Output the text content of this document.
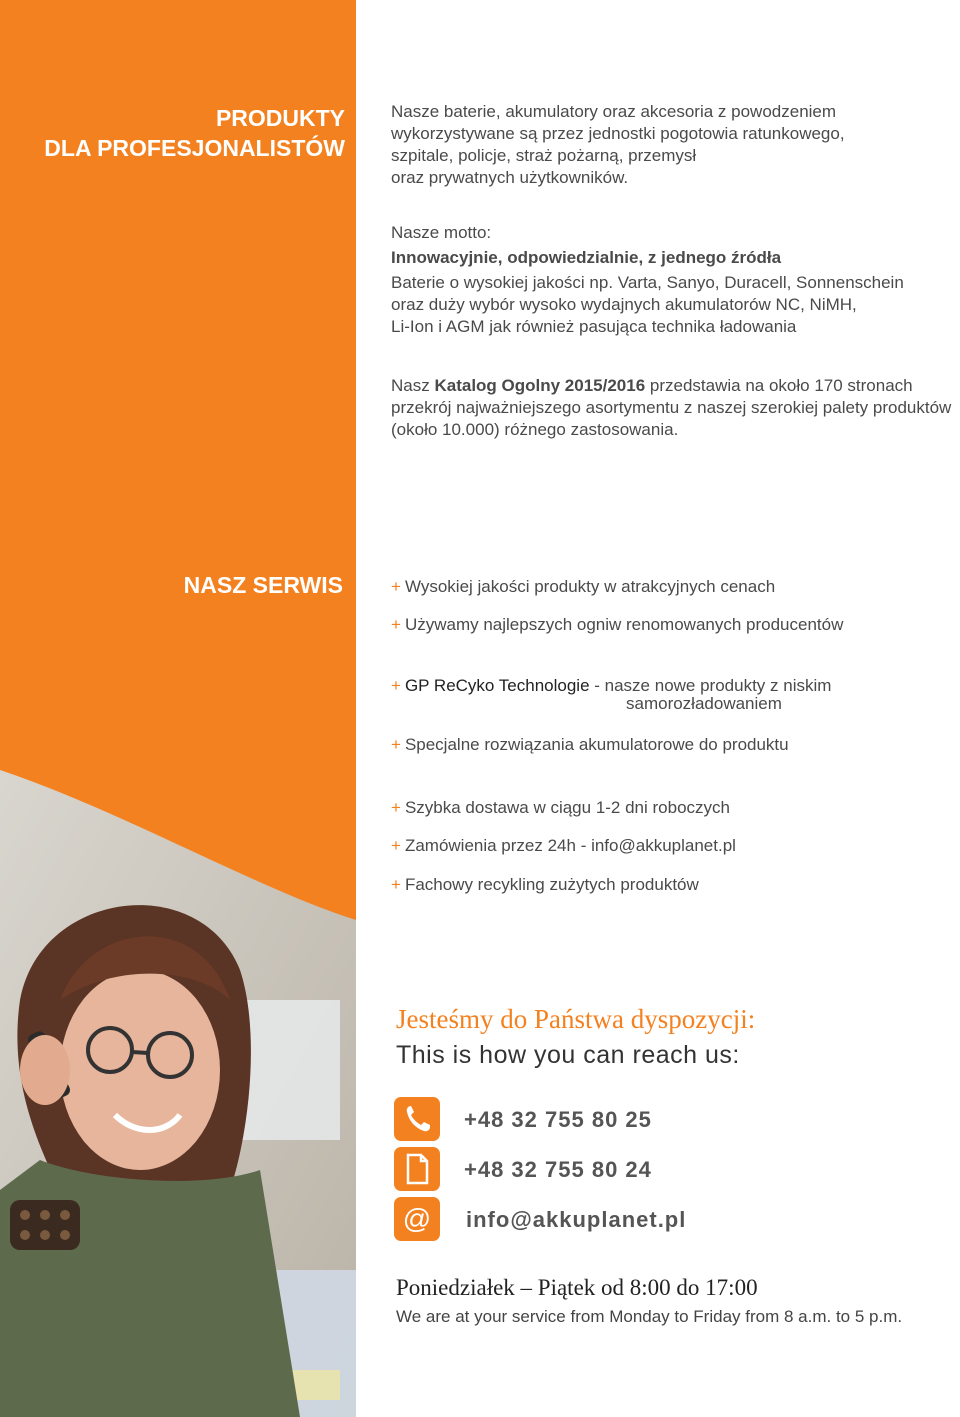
PRODUKTY
DLA PROFESJONALISTÓW
Nasze baterie, akumulatory oraz akcesoria z powodzeniem
wykorzystywane są przez jednostki pogotowia ratunkowego,
szpitale, policje, straż pożarną, przemysł
oraz prywatnych użytkowników.
Nasze motto:
Innowacyjnie, odpowiedzialnie, z jednego źródła
Baterie o wysokiej jakości np. Varta, Sanyo, Duracell, Sonnenschein
oraz duży wybór wysoko wydajnych akumulatorów NC, NiMH,
Li-Ion i AGM jak również pasująca technika ładowania
Nasz Katalog Ogolny 2015/2016 przedstawia na około 170 stronach przekrój najważniejszego asortymentu z naszej szerokiej palety produktów (około 10.000) różnego zastosowania.
NASZ SERWIS	+ Wysokiej jakości produkty w atrakcyjnych cenach
+ Używamy najlepszych ogniw renomowanych producentów
+ GP ReCyko Technologie - nasze nowe produkty z niskim
samorozładowaniem
+ Specjalne rozwiązania akumulatorowe do produktu
+ Szybka dostawa w ciągu 1-2 dni roboczych
+ Zamówienia przez 24h - info@akkuplanet.pl
+ Fachowy recykling zużytych produktów
Jesteśmy do Państwa dyspozycji:
This is how you can reach us:
+48 32 755 80 25
+48 32 755 80 24
@	info@akkuplanet.pl
Poniedziałek – Piątek od 8:00 do 17:00
We are at your service from Monday to Friday from 8 a.m. to 5 p.m.
